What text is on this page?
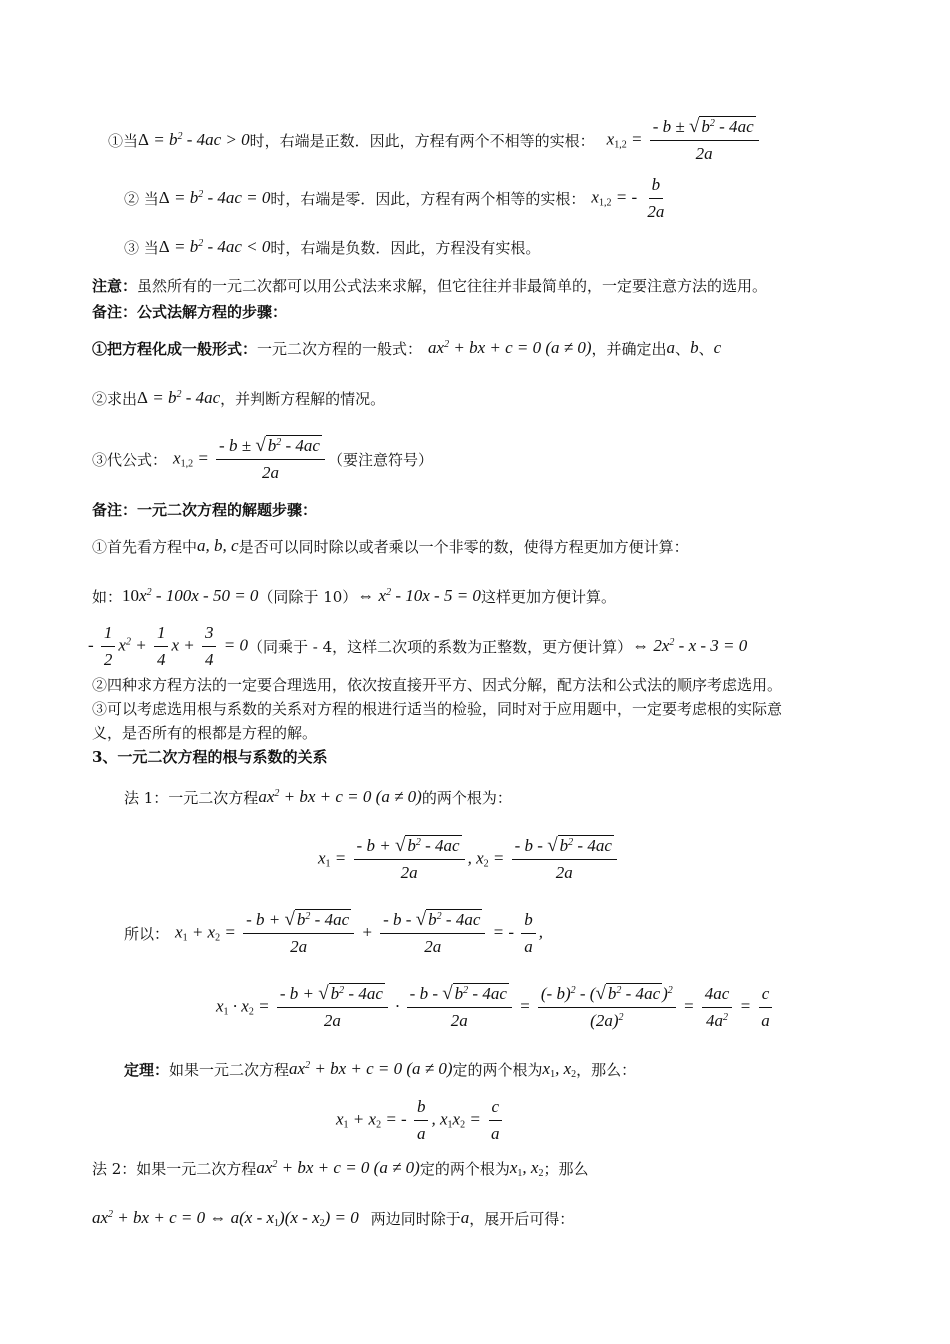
①当 $\Delta = b^2 - 4ac > 0$ 时，右端是正数．因此，方程有两个不相等的实根： $x_{1,2} = \frac{- b \pm √ b^2 - 4ac}{2a}$
② 当 $\Delta = b^2 - 4ac = 0$ 时，右端是零．因此，方程有两个相等的实根： $x_{1,2}$ = - $\frac{b}{2a}$
③ 当 $\Delta = b^2 - 4ac < 0$ 时，右端是负数．因此，方程没有实根。
注意： 虽然所有的一元二次都可以用公式法来求解，但它往往并非最简单的，一定要注意方法的选用。
备注：公式法解方程的步骤：
①把方程化成一般形式： 一元二次方程的一般式： $ax^2$ + bx + c = 0 (a ≠ 0) ，并确定出 a 、 b 、 c
②求出 $\Delta = b^2 - 4ac$ ，并判断方程解的情况。
③代公式： $x_{1,2} = \frac{- b \pm √ b^2 - 4ac}{2a}$ （要注意符号）
备注：一元二次方程的解题步骤：
①首先看方程中 a, b, c 是否可以同时除以或者乘以一个非零的数，使得方程更加方便计算：
如： $10x^2 - 100x - 50 = 0$ （同除于 10） ⇔ $x^2 - 10x - 5 = 0$ 这样更加方便计算。
- $\frac{1}{2} x^2 + \frac{1}{4}$ $x + \frac{3}{4} = 0$ （同乘于 - 4，这样二次项的系数为正整数，更方便计算） ⇔ $2x^2 - x - 3 = 0$
②四种求方程方法的一定要合理选用，依次按直接开平方、因式分解，配方法和公式法的顺序考虑选用。
③可以考虑选用根与系数的关系对方程的根进行适当的检验，同时对于应用题中，一定要考虑根的实际意
义，是否所有的根都是方程的解。
3、一元二次方程的根与系数的关系
法 1：一元二次方程 $ax^2$ + bx + c = 0 (a ≠ 0) 的两个根为：
$x_1 = \frac{- b + √ b^2 - 4ac}{2a}$ , $x_2 = \frac{- b - √ b^2 - 4ac}{2a}$
所以： $x_1 + x_2 = \frac{- b + √ b^2 - 4ac}{2a} + \frac{- b - √ b^2 - 4ac}{2a}$ = - $\frac{b}{a}$ ,
$x_1 \cdot x_2 = \frac{- b + √ b^2 - 4ac}{2a} \cdot \frac{- b - √ b^2 - 4ac}{2a} = \frac{(- b)^2 - ( √ b^2 - 4ac )^2}{(2a)^2} = \frac{4ac}{4a^2} = \frac{c}{a}$
定理： 如果一元二次方程 $ax^2$ + bx + c = 0 (a ≠ 0) 定的两个根为 $x_1$, $x_2$ ，那么：
$x_1 + x_2$ = - $\frac{b}{a}$ , $x_1x_2 = \frac{c}{a}$
法 2：如果一元二次方程 $ax^2$ + bx + c = 0 (a ≠ 0) 定的两个根为 $x_1$, $x_2$ ；那么
$ax^2$ + bx + c = 0 ⇔ $a(x - x_1)(x - x_2) = 0$ 两边同时除于 a ，展开后可得：
